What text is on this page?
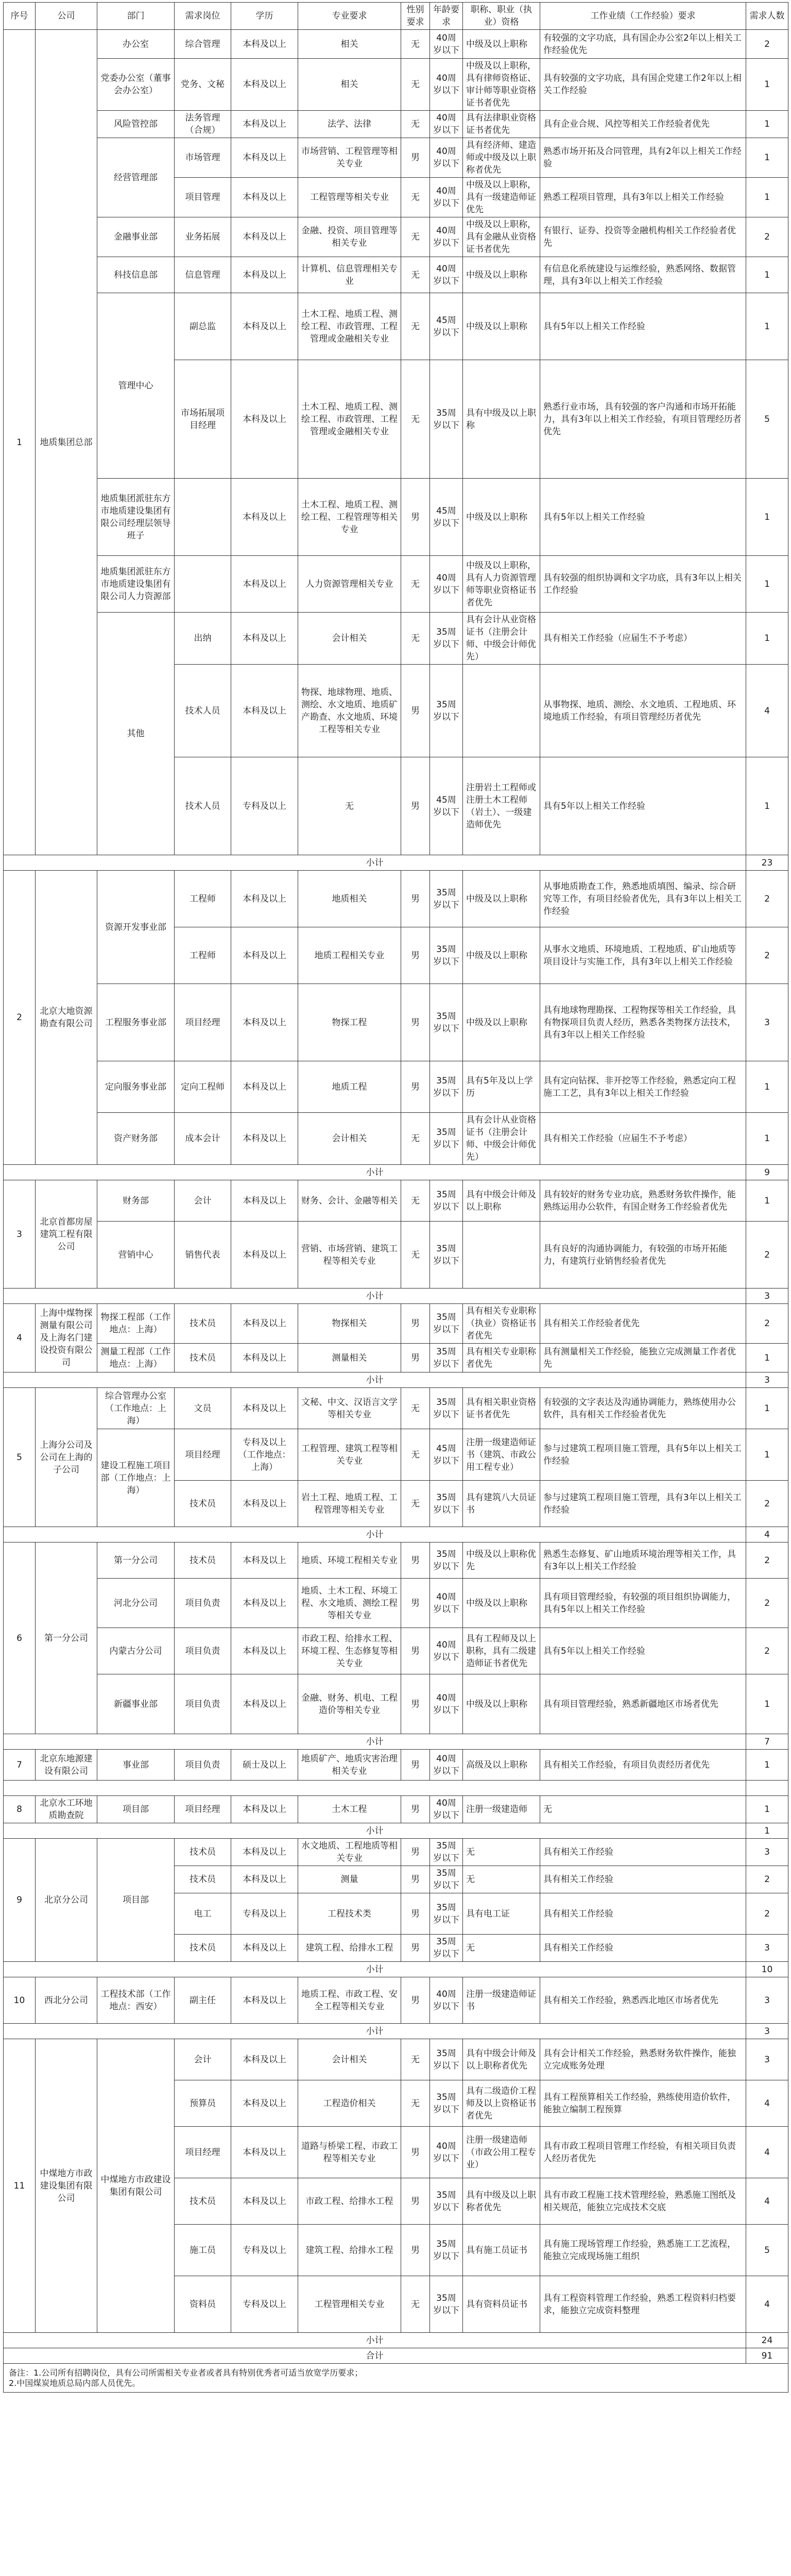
序号	公司	部门	需求岗位	学历	专业要求	性别要求	年龄要求	职称、职业（执业）资格	工作业绩（工作经验）要求	需求人数
1	地质集团总部	办公室	综合管理	本科及以上	相关	无	40周岁以下	中级及以上职称	有较强的文字功底，具有国企办公室2年以上相关工作经验优先	2
		党委办公室（董事会办公室）	党务、文秘	本科及以上	相关	无	40周岁以下	中级及以上职称，具有律师资格证、审计师等职业资格证书者优先	具有较强的文字功底，具有国企党建工作2年以上相关工作经验	1
		风险管控部	法务管理（合规）	本科及以上	法学、法律	无	40周岁以下	具有法律职业资格证书者优先	具有企业合规、风控等相关工作经验者优先	1
		经营管理部	市场管理	本科及以上	市场营销、工程管理等相关专业	男	40周岁以下	具有经济师、建造师或中级及以上职称者优先	熟悉市场开拓及合同管理，具有2年以上相关工作经验	1
			项目管理	本科及以上	工程管理等相关专业	无	40周岁以下	中级及以上职称，具有一级建造师证优先	熟悉工程项目管理，具有3年以上相关工作经验	1
		金融事业部	业务拓展	本科及以上	金融、投资、项目管理等相关专业	无	40周岁以下	中级及以上职称，具有金融从业资格证书者优先	有银行、证券、投资等金融机构相关工作经验者优先	2
		科技信息部	信息管理	本科及以上	计算机、信息管理相关专业	无	40周岁以下	中级及以上职称	有信息化系统建设与运维经验，熟悉网络、数据管理，具有3年以上相关工作经验	1
		管理中心	副总监	本科及以上	土木工程、地质工程、测绘工程、市政管理、工程管理或金融相关专业	无	45周岁以下	中级及以上职称	具有5年以上相关工作经验	1
			市场拓展项目经理	本科及以上	土木工程、地质工程、测绘工程、市政管理、工程管理或金融相关专业	无	35周岁以下	具有中级及以上职称	熟悉行业市场，具有较强的客户沟通和市场开拓能力，具有3年以上相关工作经验，有项目管理经历者优先	5
		地质集团派驻东方市地质建设集团有限公司经理层领导班子		本科及以上	土木工程、地质工程、测绘工程、工程管理等相关专业	男	45周岁以下	中级及以上职称	具有5年以上相关工作经验	1
		地质集团派驻东方市地质建设集团有限公司人力资源部		本科及以上	人力资源管理相关专业	无	40周岁以下	中级及以上职称，具有人力资源管理师等职业资格证书者优先	具有较强的组织协调和文字功底，具有3年以上相关工作经验	1
		其他	出纳	本科及以上	会计相关	无	35周岁以下	具有会计从业资格证书（注册会计师、中级会计师优先）	具有相关工作经验（应届生不予考虑）	1
			技术人员	本科及以上	物探、地球物理、地质、测绘、水文地质、地质矿产勘查、水文地质、环境工程等相关专业	男	35周岁以下		从事物探、地质、测绘、水文地质、工程地质、环境地质工作经验，有项目管理经历者优先	4
			技术人员	专科及以上	无	男	45周岁以下	注册岩土工程师或注册土木工程师（岩土）、一级建造师优先	具有5年以上相关工作经验	1
小计										23
2	北京大地资源勘查有限公司	资源开发事业部	工程师	本科及以上	地质相关	男	35周岁以下	中级及以上职称	从事地质勘查工作，熟悉地质填图、编录、综合研究等工作，有项目经验者优先，具有3年以上相关工作经验	2
			工程师	本科及以上	地质工程相关专业	男	35周岁以下	中级及以上职称	从事水文地质、环境地质、工程地质、矿山地质等项目设计与实施工作，具有3年以上相关工作经验	2
		工程服务事业部	项目经理	本科及以上	物探工程	男	35周岁以下	中级及以上职称	具有地球物理勘探、工程物探等相关工作经验，具有物探项目负责人经历，熟悉各类物探方法技术，具有3年以上相关工作经验	3
		定向服务事业部	定向工程师	本科及以上	地质工程	男	35周岁以下	具有5年及以上学历	具有定向钻探、非开挖等工作经验，熟悉定向工程施工工艺，具有3年以上相关工作经验	1
		资产财务部	成本会计	本科及以上	会计相关	无	35周岁以下	具有会计从业资格证书（注册会计师、中级会计师优先）	具有相关工作经验（应届生不予考虑）	1
小计										9
3	北京首都房屋建筑工程有限公司	财务部	会计	本科及以上	财务、会计、金融等相关	无	35周岁以下	具有中级会计师及以上职称	具有较好的财务专业功底，熟悉财务软件操作，能熟练运用办公软件，有国企财务工作经验者优先	1
		营销中心	销售代表	本科及以上	营销、市场营销、建筑工程等相关专业	无	35周岁以下		具有良好的沟通协调能力，有较强的市场开拓能力，有建筑行业销售经验者优先	2
小计										3
4	上海中煤物探测量有限公司及上海名门建设投资有限公司	物探工程部（工作地点：上海）	技术员	本科及以上	物探相关	男	35周岁以下	具有相关专业职称（执业）资格证书者优先	具有相关工作经验者优先	2
		测量工程部（工作地点：上海）	技术员	本科及以上	测量相关	男	35周岁以下	具有相关专业职称者优先	具有测量相关工作经验，能独立完成测量工作者优先	1
小计										3
5	上海分公司及公司在上海的子公司	综合管理办公室（工作地点：上海）	文员	本科及以上	文秘、中文、汉语言文学等相关专业	无	35周岁以下	具有相关职业资格证书者优先	有较强的文字表达及沟通协调能力，熟练使用办公软件，具有相关工作经验者优先	1
		建设工程施工项目部（工作地点：上海）	项目经理	专科及以上（工作地点：上海）	工程管理、建筑工程等相关专业	无	45周岁以下	注册一级建造师证书（建筑、市政公用工程专业）	参与过建筑工程项目施工管理，具有5年以上相关工作经验	1
			技术员	本科及以上	岩土工程、地质工程、工程管理等相关专业	无	35周岁以下	具有建筑八大员证书	参与过建筑工程项目施工管理，具有3年以上相关工作经验	2
小计										4
6	第一分公司	第一分公司	技术员	本科及以上	地质、环境工程相关专业	男	35周岁以下	中级及以上职称优先	熟悉生态修复、矿山地质环境治理等相关工作，具有3年以上相关工作经验	2
		河北分公司	项目负责	本科及以上	地质、土木工程、环境工程、水文地质、测绘工程等相关专业	男	40周岁以下	中级及以上职称	具有项目管理经验，有较强的项目组织协调能力，具有5年以上相关工作经验	2
		内蒙古分公司	项目负责	本科及以上	市政工程、给排水工程、环境工程、生态修复等相关专业	男	40周岁以下	具有工程师及以上职称，具有二级建造师证书者优先	具有5年以上相关工作经验	2
		新疆事业部	项目负责	本科及以上	金融、财务、机电、工程造价等相关专业	男	40周岁以下	中级及以上职称	具有项目管理经验，熟悉新疆地区市场者优先	1
小计										7
7	北京东地源建设有限公司	事业部	项目负责	硕士及以上	地质矿产、地质灾害治理相关专业	男	40周岁以下	高级及以上职称	具有相关工作经验，有项目负责经历者优先	1

8	北京水工环地质勘查院	项目部	项目经理	本科及以上	土木工程	男	40周岁以下	注册一级建造师	无	1
小计										1
9	北京分公司	项目部	技术员	本科及以上	水文地质、工程地质等相关专业	男	35周岁以下	无	具有相关工作经验	3
			技术员	本科及以上	测量	男	35周岁以下	无	具有相关工作经验	2
			电工	专科及以上	工程技术类	男	35周岁以下	具有电工证	具有相关工作经验	2
			技术员	本科及以上	建筑工程、给排水工程	男	35周岁以下	无	具有相关工作经验	3
小计										10
10	西北分公司	工程技术部（工作地点：西安）	副主任	本科及以上	地质工程、市政工程、安全工程等相关专业	男	40周岁以下	注册一级建造师证书	具有相关工作经验，熟悉西北地区市场者优先	3
小计										3
11	中煤地方市政建设集团有限公司	中煤地方市政建设集团有限公司	会计	本科及以上	会计相关	无	35周岁以下	具有中级会计师及以上职称者优先	具有会计相关工作经验，熟悉财务软件操作，能独立完成账务处理	3
			预算员	本科及以上	工程造价相关	无	35周岁以下	具有二级造价工程师及以上资格证书者优先	具有工程预算相关工作经验，熟练使用造价软件，能独立编制工程预算	4
			项目经理	本科及以上	道路与桥梁工程、市政工程等相关专业	男	40周岁以下	注册一级建造师（市政公用工程专业）	具有市政工程项目管理工作经验，有相关项目负责人经历者优先	4
			技术员	本科及以上	市政工程、给排水工程	男	35周岁以下	具有中级及以上职称者优先	具有市政工程施工技术管理经验，熟悉施工图纸及相关规范，能独立完成技术交底	4
			施工员	专科及以上	建筑工程、给排水工程	男	35周岁以下	具有施工员证书	具有施工现场管理工作经验，熟悉施工工艺流程，能独立完成现场施工组织	5
			资料员	专科及以上	工程管理相关专业	无	35周岁以下	具有资料员证书	具有工程资料管理工作经验，熟悉工程资料归档要求，能独立完成资料整理	4
小计										24
合计										91
备注：1.公司所有招聘岗位，具有公司所需相关专业者或者具有特别优秀者可适当放宽学历要求；
2.中国煤炭地质总局内部人员优先。										
